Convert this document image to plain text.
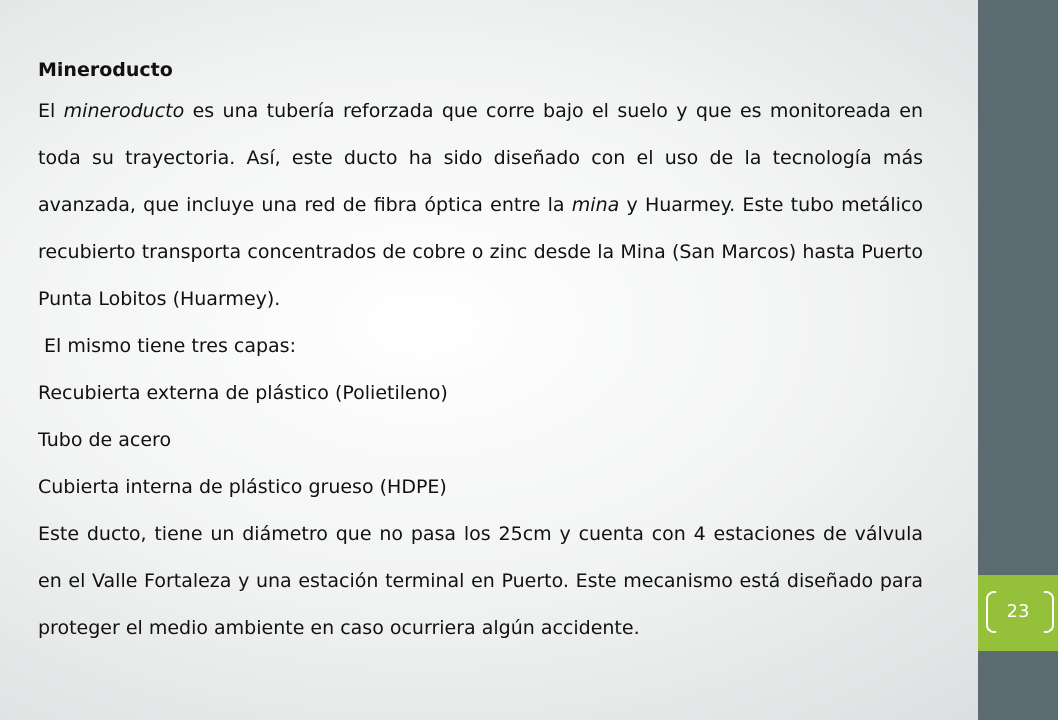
Mineroducto

El mineroducto es una tubería reforzada que corre bajo el suelo y que es monitoreada en toda su trayectoria. Así, este ducto ha sido diseñado con el uso de la tecnología más avanzada, que incluye una red de fibra óptica entre la mina y Huarmey. Este tubo metálico recubierto transporta concentrados de cobre o zinc desde la Mina (San Marcos) hasta Puerto Punta Lobitos (Huarmey).

El mismo tiene tres capas:

Recubierta externa de plástico (Polietileno)

Tubo de acero

Cubierta interna de plástico grueso (HDPE)

Este ducto, tiene un diámetro que no pasa los 25cm y cuenta con 4 estaciones de válvula en el Valle Fortaleza y una estación terminal en Puerto. Este mecanismo está diseñado para proteger el medio ambiente en caso ocurriera algún accidente.

23
